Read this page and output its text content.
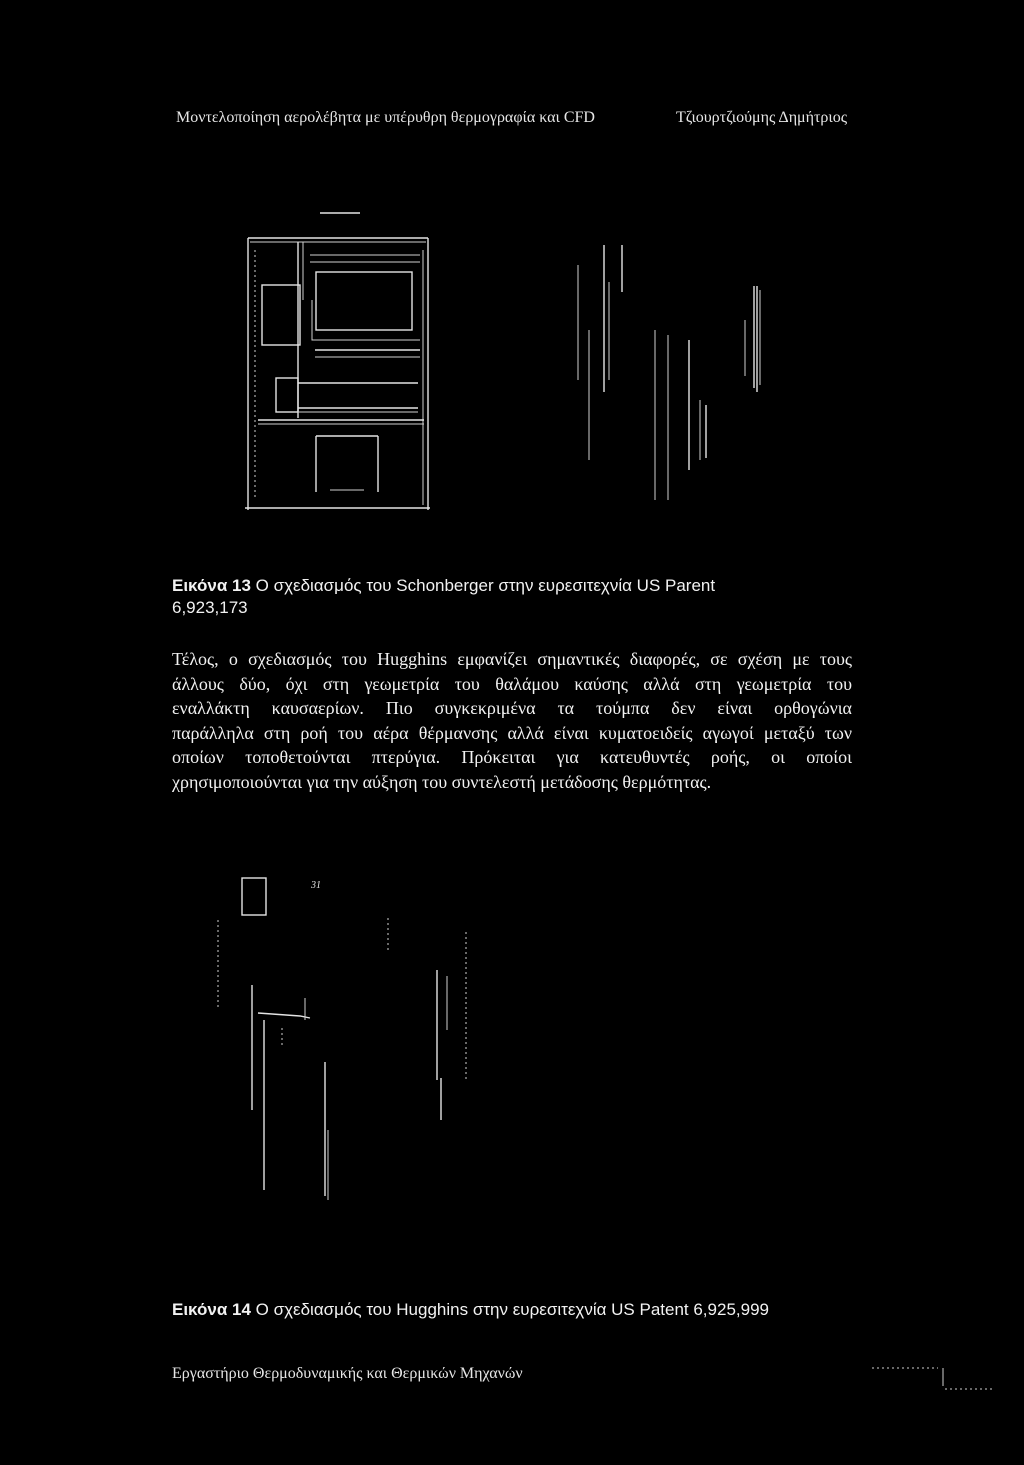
Μοντελοποίηση αερολέβητα με υπέρυθρη θερμογραφία και CFD	Τζιουρτζιούμης Δημήτριος
Εικόνα 13 Ο σχεδιασμός του Schonberger στην ευρεσιτεχνία US Parent
6,923,173
Τέλος, ο σχεδιασμός του Hugghins εμφανίζει σημαντικές διαφορές, σε σχέση με τους
άλλους δύο, όχι στη γεωμετρία του θαλάμου καύσης αλλά στη γεωμετρία του
εναλλάκτη καυσαερίων. Πιο συγκεκριμένα τα τούμπα δεν είναι ορθογώνια
παράλληλα στη ροή του αέρα θέρμανσης αλλά είναι κυματοειδείς αγωγοί μεταξύ των
οποίων τοποθετούνται πτερύγια. Πρόκειται για κατευθυντές ροής, οι οποίοι
χρησιμοποιούνται για την αύξηση του συντελεστή μετάδοσης θερμότητας.
31
Εικόνα 14 Ο σχεδιασμός του Hugghins στην ευρεσιτεχνία US Patent 6,925,999
Εργαστήριο Θερμοδυναμικής και Θερμικών Μηχανών
